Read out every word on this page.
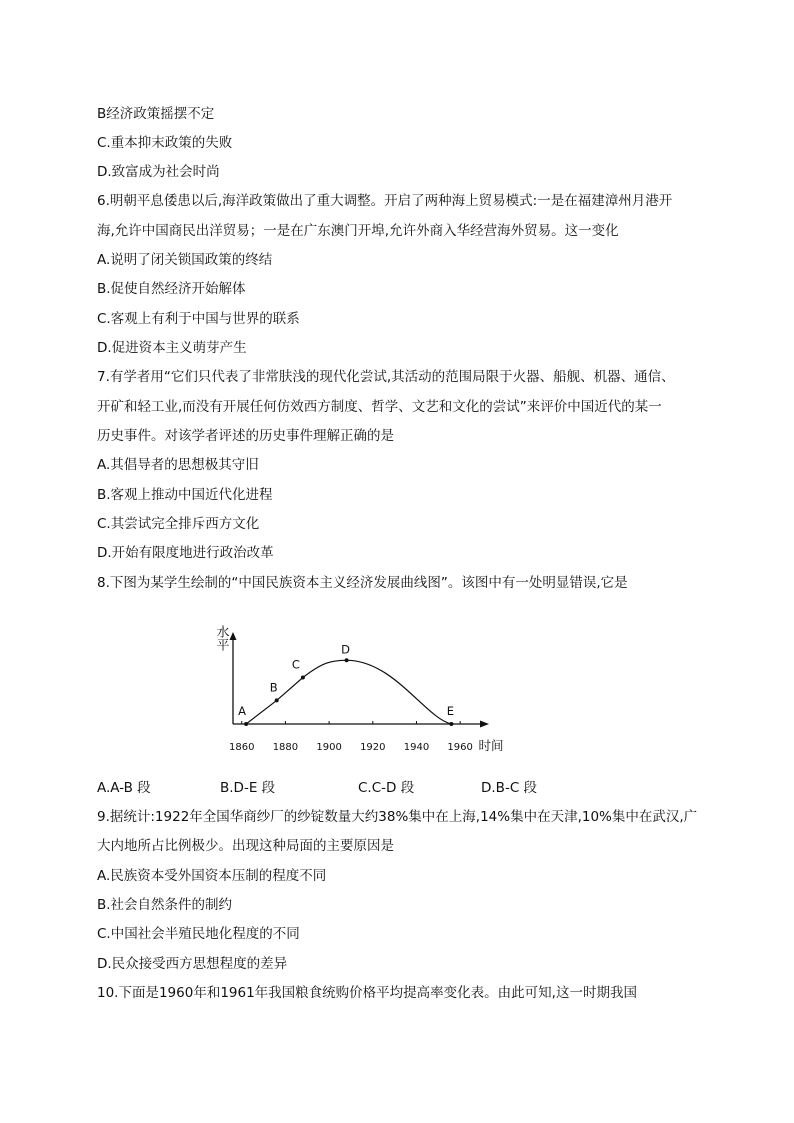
B经济政策摇摆不定

C.重本抑末政策的失败

D.致富成为社会时尚

6.明朝平息倭患以后,海洋政策做出了重大调整。开启了两种海上贸易模式:一是在福建漳州月港开

海,允许中国商民出洋贸易；一是在广东澳门开埠,允许外商入华经营海外贸易。这一变化

A.说明了闭关锁国政策的终结

B.促使自然经济开始解体

C.客观上有利于中国与世界的联系

D.促进资本主义萌芽产生

7.有学者用“它们只代表了非常肤浅的现代化尝试,其活动的范围局限于火器、船舰、机器、通信、

开矿和轻工业,而没有开展任何仿效西方制度、哲学、文艺和文化的尝试”来评价中国近代的某一

历史事件。对该学者评述的历史事件理解正确的是

A.其倡导者的思想极其守旧

B.客观上推动中国近代化进程

C.其尝试完全排斥西方文化

D.开始有限度地进行政治改革

8.下图为某学生绘制的“中国民族资本主义经济发展曲线图”。该图中有一处明显错误,它是

水平
时间
1860 1880 1900 1920 1940 1960
A
B
C
D
E
A.A-B 段	B.D-E 段	C.C-D 段	D.B-C 段

9.据统计:1922年全国华商纱厂的纱锭数量大约38%集中在上海,14%集中在天津,10%集中在武汉,广

大内地所占比例极少。出现这种局面的主要原因是

A.民族资本受外国资本压制的程度不同

B.社会自然条件的制约

C.中国社会半殖民地化程度的不同

D.民众接受西方思想程度的差异

10.下面是1960年和1961年我国粮食统购价格平均提高率变化表。由此可知,这一时期我国
